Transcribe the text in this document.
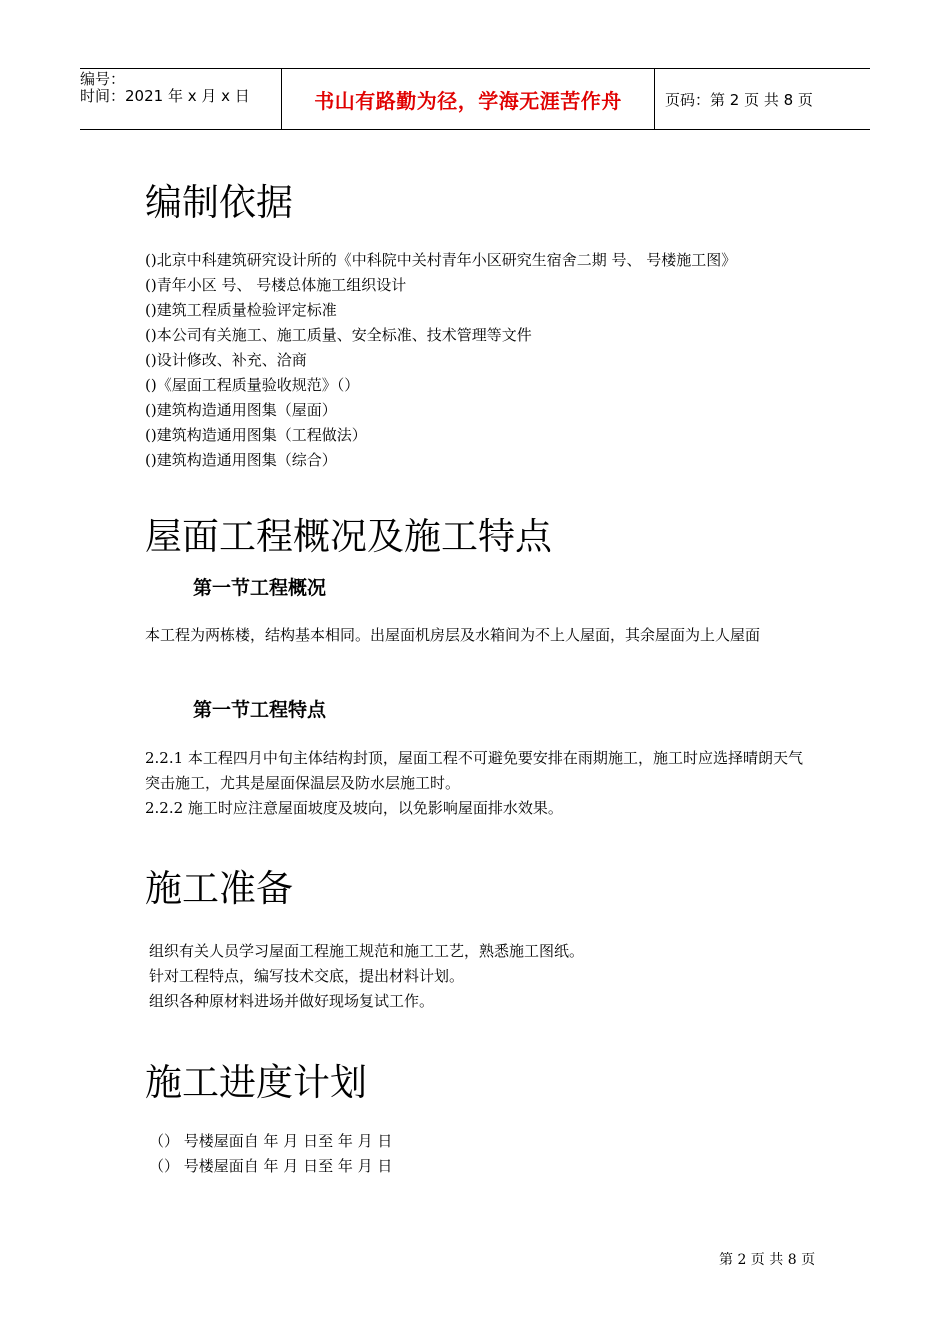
编号：
时间：2021 年 x 月 x 日	书山有路勤为径，学海无涯苦作舟	页码：第 2 页 共 8 页
编制依据
()北京中科建筑研究设计所的《中科院中关村青年小区研究生宿舍二期 号、 号楼施工图》
()青年小区 号、 号楼总体施工组织设计
()建筑工程质量检验评定标准
()本公司有关施工、施工质量、安全标准、技术管理等文件
()设计修改、补充、洽商
()《屋面工程质量验收规范》（）
()建筑构造通用图集（屋面）
()建筑构造通用图集（工程做法）
()建筑构造通用图集（综合）
屋面工程概况及施工特点
第一节工程概况

本工程为两栋楼，结构基本相同。出屋面机房层及水箱间为不上人屋面，其余屋面为上人屋面

第一节工程特点

2.2.1 本工程四月中旬主体结构封顶，屋面工程不可避免要安排在雨期施工，施工时应选择晴朗天气突击施工，尤其是屋面保温层及防水层施工时。

2.2.2 施工时应注意屋面坡度及坡向，以免影响屋面排水效果。

施工准备

组织有关人员学习屋面工程施工规范和施工工艺，熟悉施工图纸。

针对工程特点，编写技术交底，提出材料计划。

组织各种原材料进场并做好现场复试工作。

施工进度计划

（） 号楼屋面自 年 月 日至 年 月 日

（） 号楼屋面自 年 月 日至 年 月 日

第 2 页 共 8 页
